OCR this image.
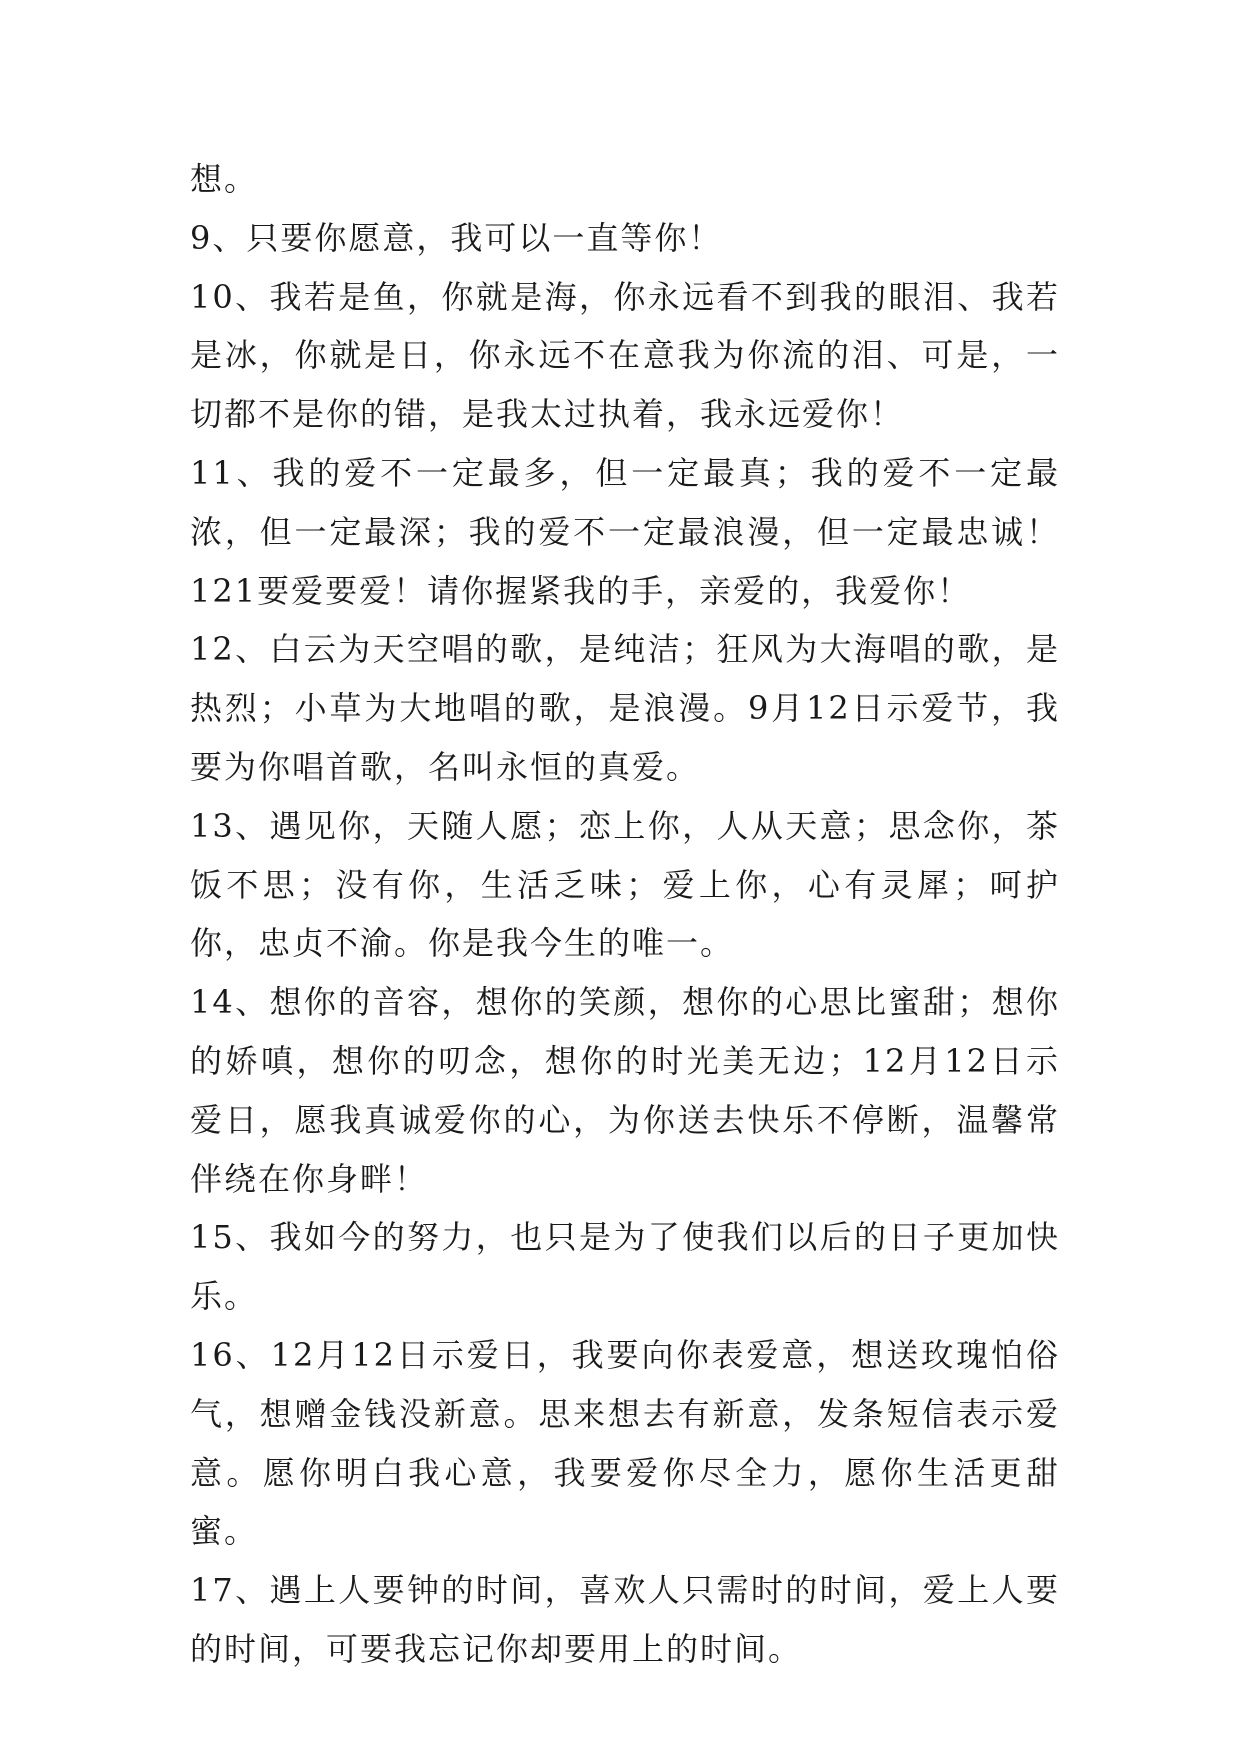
想。

9、只要你愿意，我可以一直等你！

10、我若是鱼，你就是海，你永远看不到我的眼泪、我若是冰，你就是日，你永远不在意我为你流的泪、可是，一切都不是你的错，是我太过执着，我永远爱你！

11、我的爱不一定最多，但一定最真；我的爱不一定最浓，但一定最深；我的爱不一定最浪漫，但一定最忠诚！121要爱要爱！请你握紧我的手，亲爱的，我爱你！

12、白云为天空唱的歌，是纯洁；狂风为大海唱的歌，是热烈；小草为大地唱的歌，是浪漫。9月12日示爱节，我要为你唱首歌，名叫永恒的真爱。

13、遇见你，天随人愿；恋上你，人从天意；思念你，茶饭不思；没有你，生活乏味；爱上你，心有灵犀；呵护你，忠贞不渝。你是我今生的唯一。

14、想你的音容，想你的笑颜，想你的心思比蜜甜；想你的娇嗔，想你的叨念，想你的时光美无边；12月12日示爱日，愿我真诚爱你的心，为你送去快乐不停断，温馨常伴绕在你身畔！

15、我如今的努力，也只是为了使我们以后的日子更加快乐。

16、12月12日示爱日，我要向你表爱意，想送玫瑰怕俗气，想赠金钱没新意。思来想去有新意，发条短信表示爱意。愿你明白我心意，我要爱你尽全力，愿你生活更甜蜜。

17、遇上人要钟的时间，喜欢人只需时的时间，爱上人要的时间，可要我忘记你却要用上的时间。
